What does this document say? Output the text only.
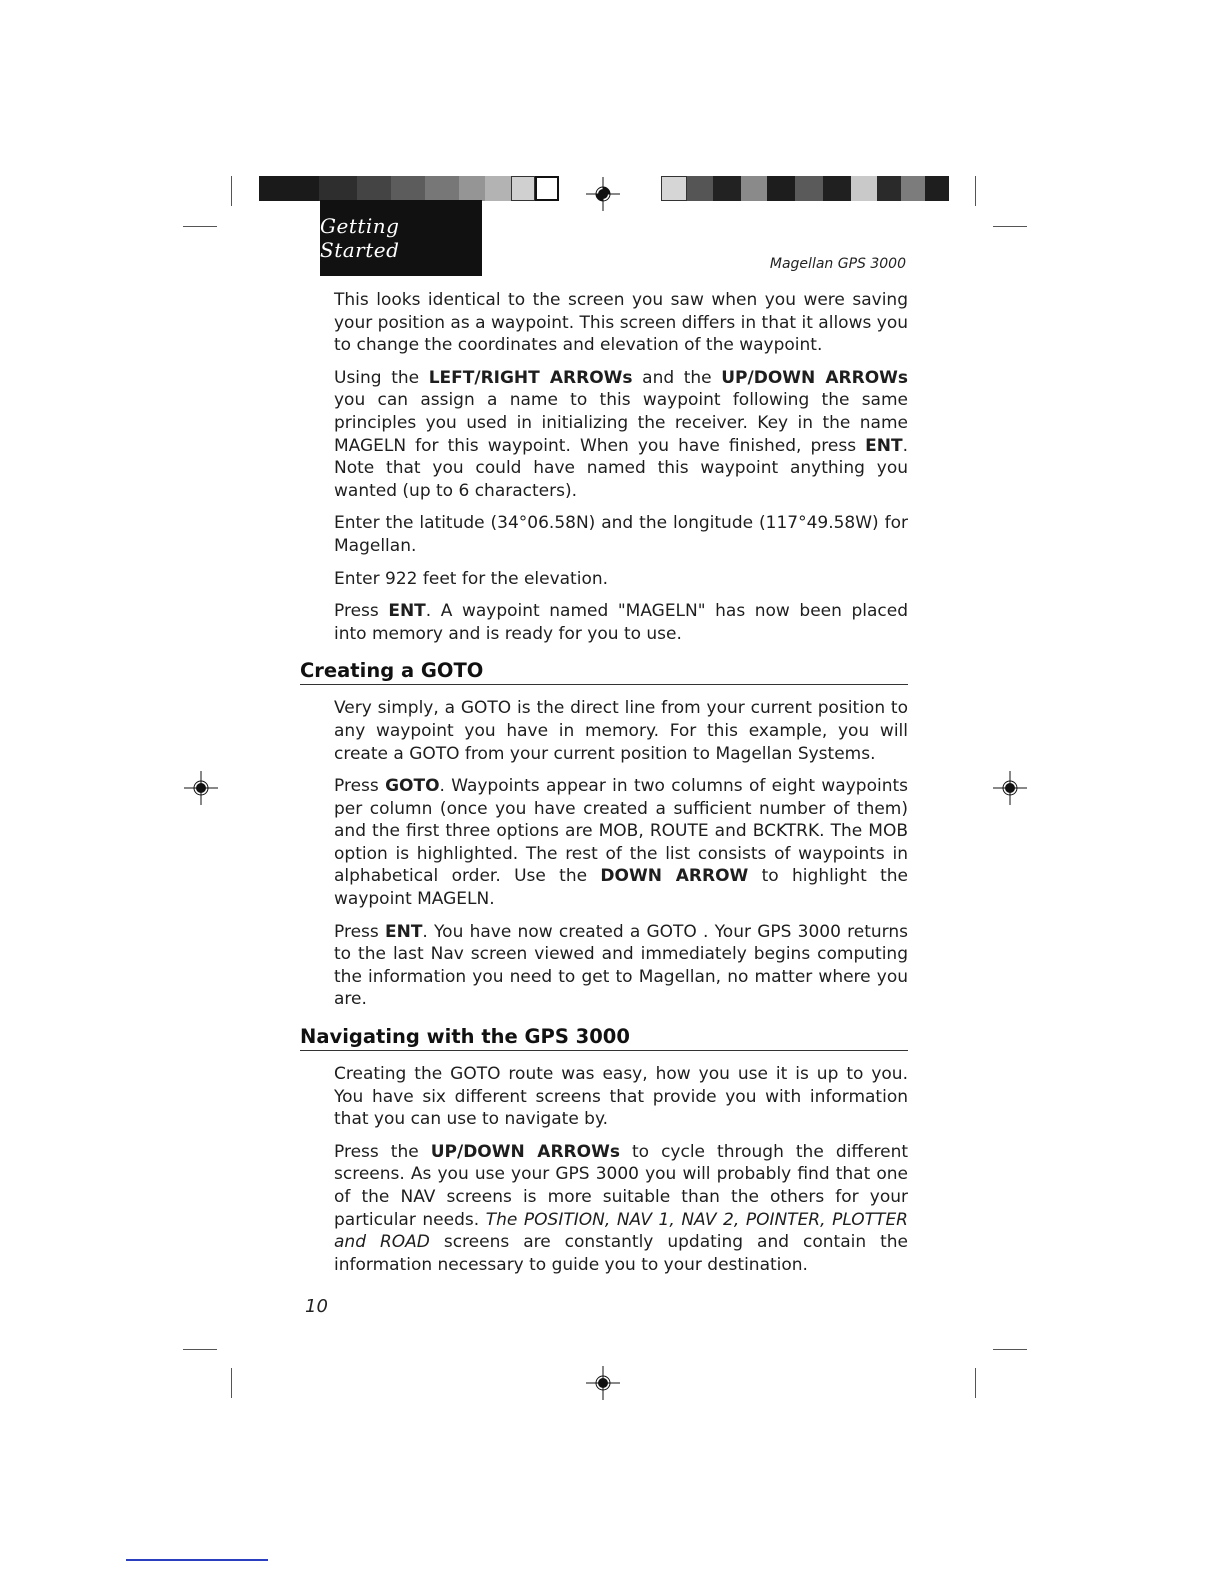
Getting Started
Magellan GPS 3000

This looks identical to the screen you saw when you were saving your position as a waypoint. This screen differs in that it allows you to change the coordinates and elevation of the waypoint.

Using the LEFT/RIGHT ARROWs and the UP/DOWN ARROWs you can assign a name to this waypoint following the same principles you used in initializing the receiver. Key in the name MAGELN for this waypoint. When you have finished, press ENT. Note that you could have named this waypoint anything you wanted (up to 6 characters).

Enter the latitude (34°06.58N) and the longitude (117°49.58W) for Magellan.

Enter 922 feet for the elevation.

Press ENT. A waypoint named "MAGELN" has now been placed into memory and is ready for you to use.

Creating a GOTO

Very simply, a GOTO is the direct line from your current position to any waypoint you have in memory. For this example, you will create a GOTO from your current position to Magellan Systems.

Press GOTO. Waypoints appear in two columns of eight waypoints per column (once you have created a sufficient number of them) and the first three options are MOB, ROUTE and BCKTRK. The MOB option is highlighted. The rest of the list consists of waypoints in alphabetical order. Use the DOWN ARROW to highlight the waypoint MAGELN.

Press ENT. You have now created a GOTO . Your GPS 3000 returns to the last Nav screen viewed and immediately begins computing the information you need to get to Magellan, no matter where you are.

Navigating with the GPS 3000

Creating the GOTO route was easy, how you use it is up to you. You have six different screens that provide you with information that you can use to navigate by.

Press the UP/DOWN ARROWs to cycle through the different screens. As you use your GPS 3000 you will probably find that one of the NAV screens is more suitable than the others for your particular needs. The POSITION, NAV 1, NAV 2, POINTER, PLOTTER and ROAD screens are constantly updating and contain the information necessary to guide you to your destination.

10
